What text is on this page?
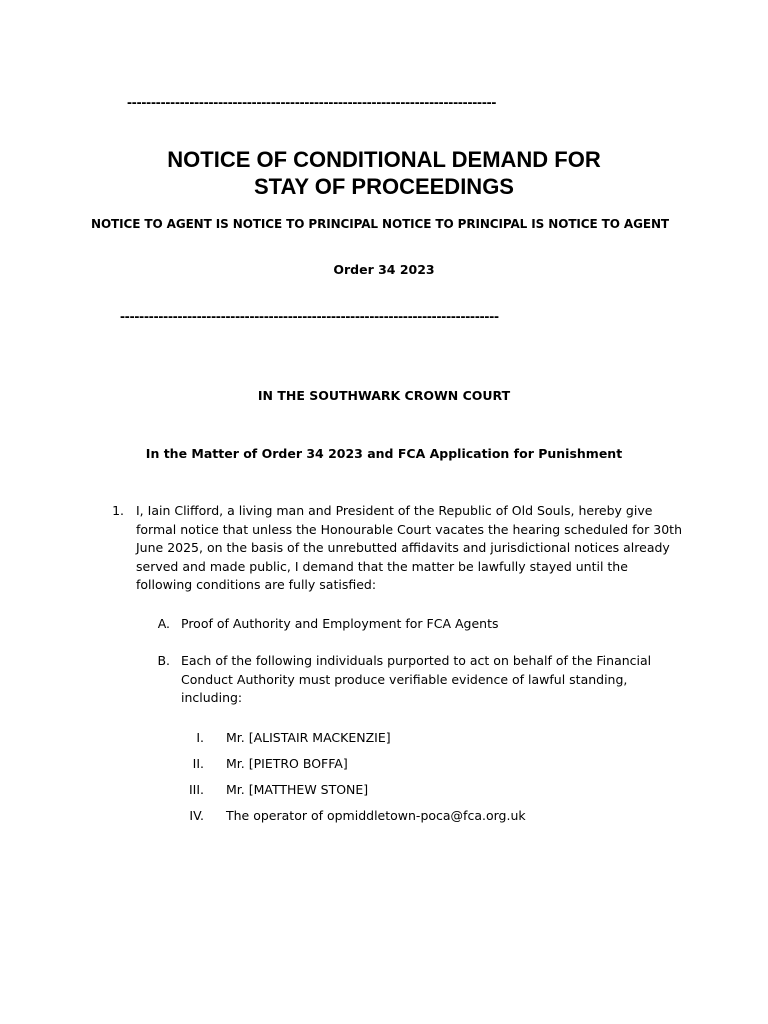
-----------------------------------------------------------------------------
NOTICE OF CONDITIONAL DEMAND FOR
STAY OF PROCEEDINGS
NOTICE TO AGENT IS NOTICE TO PRINCIPAL NOTICE TO PRINCIPAL IS NOTICE TO AGENT
Order 34 2023
-------------------------------------------------------------------------------
IN THE SOUTHWARK CROWN COURT
In the Matter of Order 34 2023 and FCA Application for Punishment
1. I, Iain Clifford, a living man and President of the Republic of Old Souls, hereby give formal notice that unless the Honourable Court vacates the hearing scheduled for 30th June 2025, on the basis of the unrebutted affidavits and jurisdictional notices already served and made public, I demand that the matter be lawfully stayed until the following conditions are fully satisfied:
A. Proof of Authority and Employment for FCA Agents
B. Each of the following individuals purported to act on behalf of the Financial Conduct Authority must produce verifiable evidence of lawful standing, including:
I. Mr. [ALISTAIR MACKENZIE]
II. Mr. [PIETRO BOFFA]
III. Mr. [MATTHEW STONE]
IV. The operator of opmiddletown-poca@fca.org.uk
